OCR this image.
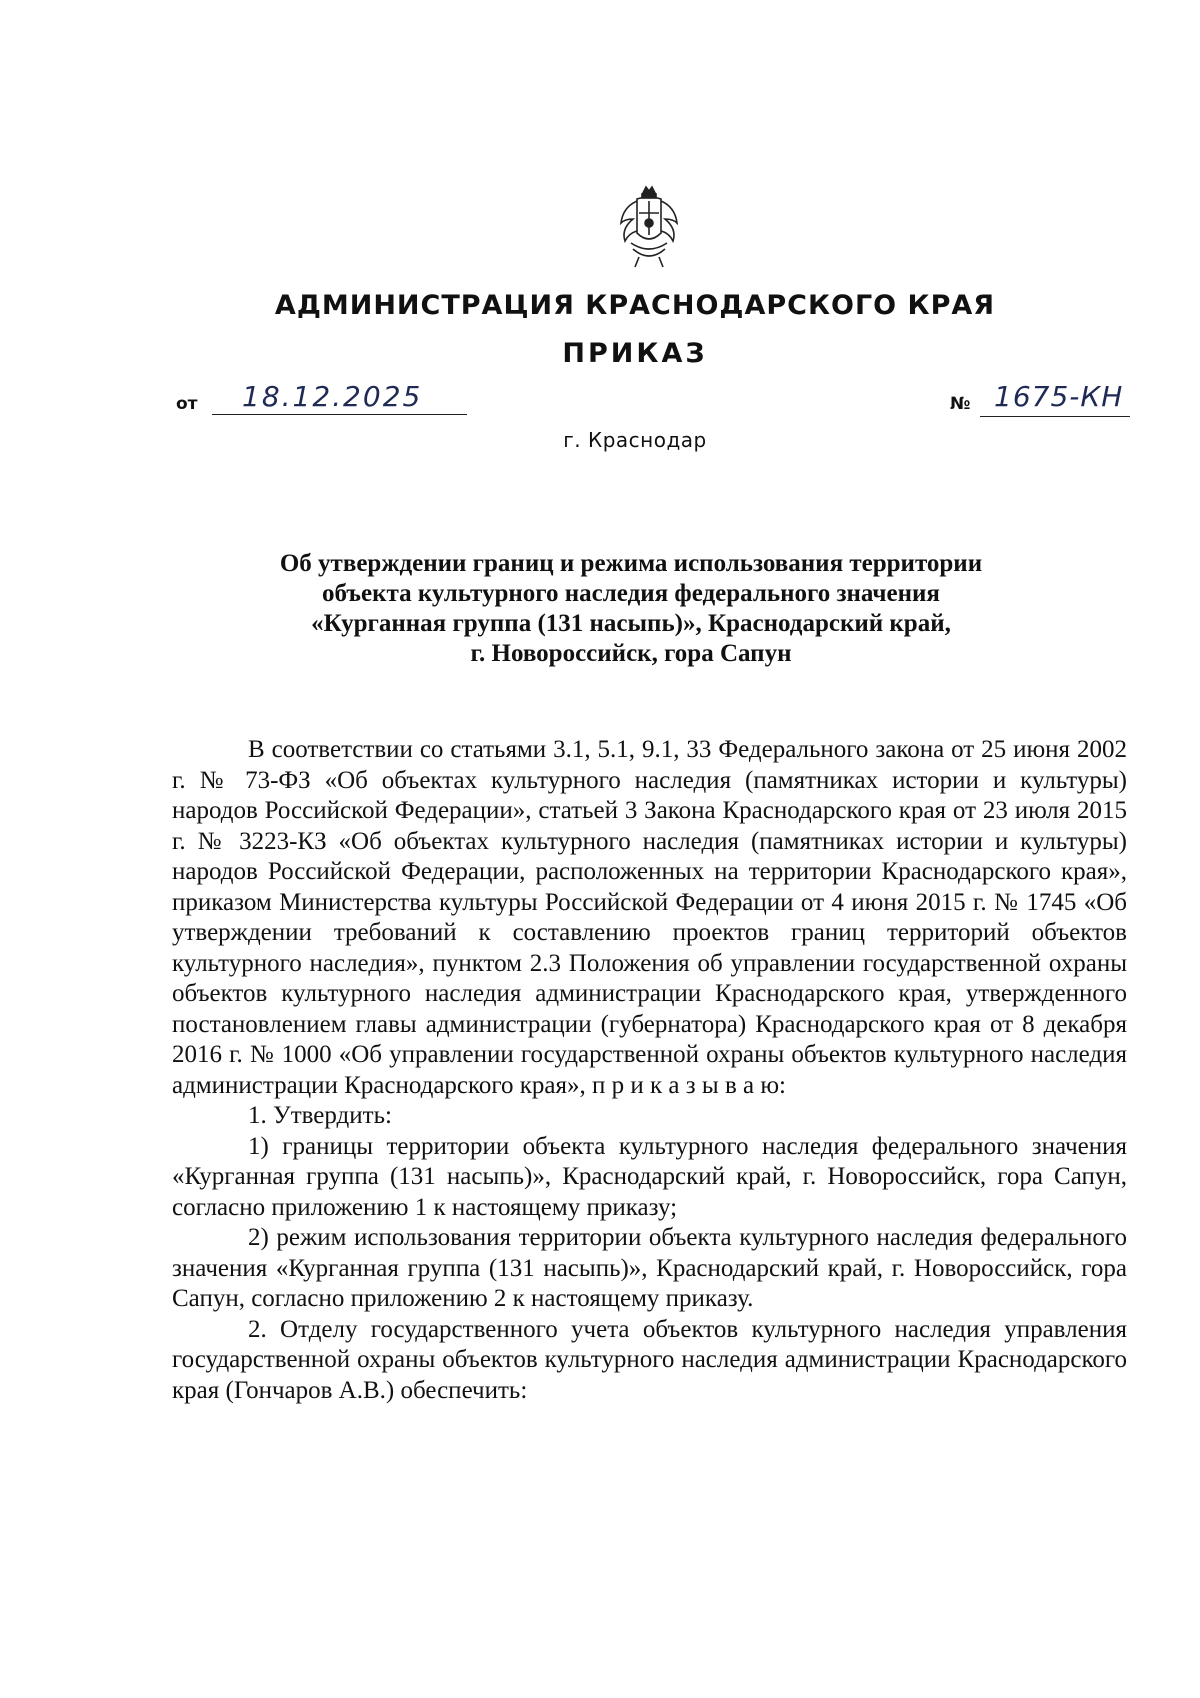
АДМИНИСТРАЦИЯ КРАСНОДАРСКОГО КРАЯ
ПРИКАЗ
от 18.12.2025	№ 1675-КН
г. Краснодар
Об утверждении границ и режима использования территории
объекта культурного наследия федерального значения
«Курганная группа (131 насыпь)», Краснодарский край,
г. Новороссийск, гора Сапун

В соответствии со статьями 3.1, 5.1, 9.1, 33 Федерального закона от 25 июня 2002 г. № 73-ФЗ «Об объектах культурного наследия (памятниках истории и культуры) народов Российской Федерации», статьей 3 Закона Краснодарского края от 23 июля 2015 г. № 3223-КЗ «Об объектах культурного наследия (памятниках истории и культуры) народов Российской Федерации, расположенных на территории Краснодарского края», приказом Министерства культуры Российской Федерации от 4 июня 2015 г. № 1745 «Об утверждении требований к составлению проектов границ территорий объектов культурного наследия», пунктом 2.3 Положения об управлении государственной охраны объектов культурного наследия администрации Краснодарского края, утвержденного постановлением главы администрации (губернатора) Краснодарского края от 8 декабря 2016 г. № 1000 «Об управлении государственной охраны объектов культурного наследия администрации Краснодарского края», п р и к а з ы в а ю:

1. Утвердить:

1) границы территории объекта культурного наследия федерального значения «Курганная группа (131 насыпь)», Краснодарский край, г. Новороссийск, гора Сапун, согласно приложению 1 к настоящему приказу;

2) режим использования территории объекта культурного наследия федерального значения «Курганная группа (131 насыпь)», Краснодарский край, г. Новороссийск, гора Сапун, согласно приложению 2 к настоящему приказу.

2. Отделу государственного учета объектов культурного наследия управления государственной охраны объектов культурного наследия администрации Краснодарского края (Гончаров А.В.) обеспечить:
